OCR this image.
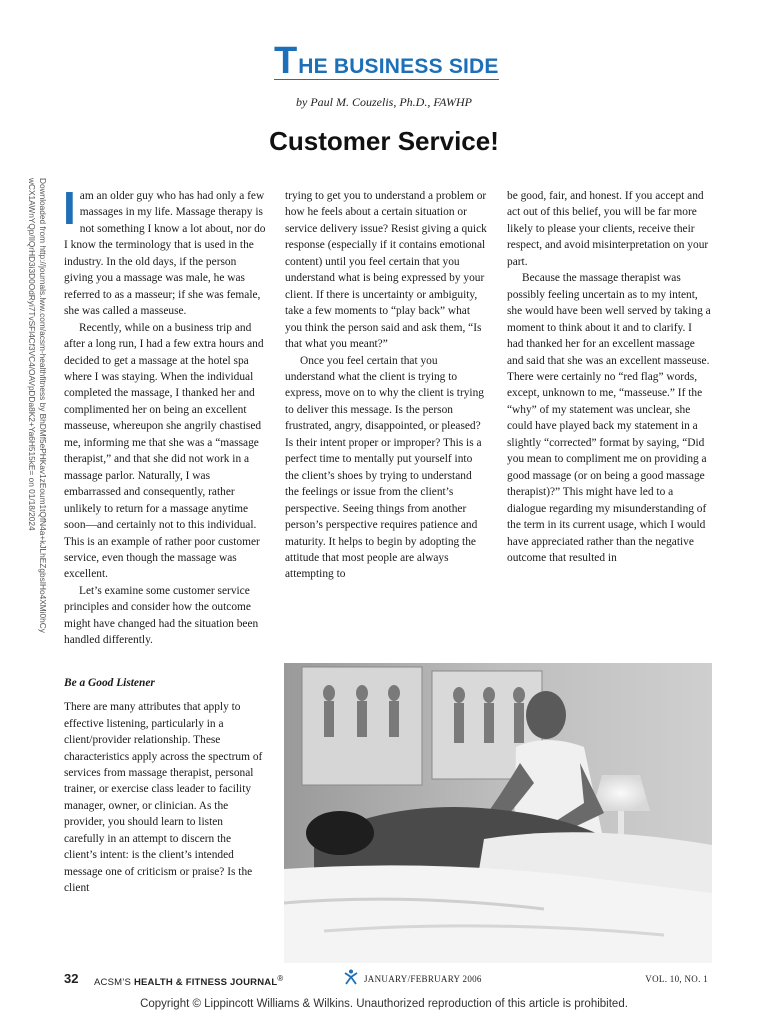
T HE BUSINESS SIDE
by Paul M. Couzelis, Ph.D., FAWHP
Customer Service!
Downloaded from http://journals.lww.com/acsm-healthfitness by BhDMf5ePHKav1zEoum1tQfN4a+kJLhEZgbsIHo4XMi0hCywCX1AWnYQp/IlQrHD3i3D0OdRyi7TvSFl4Cf3VC4/OAVpDDa8K2+Ya6H515kE= on 01/18/2024 I am an older guy who has had only a few massages in my life. Massage therapy is not something I know a lot about, nor do I know the terminology that is used in the industry. In the old days, if the person giving you a massage was male, he was referred to as a masseur; if she was female, she was called a masseuse.

Recently, while on a business trip and after a long run, I had a few extra hours and decided to get a massage at the hotel spa where I was staying. When the individual completed the massage, I thanked her and complimented her on being an excellent masseuse, whereupon she angrily chastised me, informing me that she was a “massage therapist,” and that she did not work in a massage parlor. Naturally, I was embarrassed and consequently, rather unlikely to return for a massage anytime soon—and certainly not to this individual. This is an example of rather poor customer service, even though the massage was excellent.

Let’s examine some customer service principles and consider how the outcome might have changed had the situation been handled differently.

Be a Good Listener

There are many attributes that apply to effective listening, particularly in a client/provider relationship. These characteristics apply across the spectrum of services from massage therapist, personal trainer, or exercise class leader to facility manager, owner, or clinician. As the provider, you should learn to listen carefully in an attempt to discern the client’s intent: is the client’s intended message one of criticism or praise? Is the client

trying to get you to understand a problem or how he feels about a certain situation or service delivery issue? Resist giving a quick response (especially if it contains emotional content) until you feel certain that you understand what is being expressed by your client. If there is uncertainty or ambiguity, take a few moments to “play back” what you think the person said and ask them, “Is that what you meant?”

Once you feel certain that you understand what the client is trying to express, move on to why the client is trying to deliver this message. Is the person frustrated, angry, disappointed, or pleased? Is their intent proper or improper? This is a perfect time to mentally put yourself into the client’s shoes by trying to understand the feelings or issue from the client’s perspective. Seeing things from another person’s perspective requires patience and maturity. It helps to begin by adopting the attitude that most people are always attempting to

be good, fair, and honest. If you accept and act out of this belief, you will be far more likely to please your clients, receive their respect, and avoid misinterpretation on your part.

Because the massage therapist was possibly feeling uncertain as to my intent, she would have been well served by taking a moment to think about it and to clarify. I had thanked her for an excellent massage and said that she was an excellent masseuse. There were certainly no “red flag” words, except, unknown to me, “masseuse.” If the “why” of my statement was unclear, she could have played back my statement in a slightly “corrected” format by saying, “Did you mean to compliment me on providing a good massage (or on being a good massage therapist)?” This might have led to a dialogue regarding my misunderstanding of the term in its current usage, which I would have appreciated rather than the negative outcome that resulted in

32 ACSM’S HEALTH & FITNESS JOURNAL®	JANUARY/FEBRUARY 2006	VOL. 10, NO. 1
Copyright © Lippincott Williams & Wilkins. Unauthorized reproduction of this article is prohibited.
